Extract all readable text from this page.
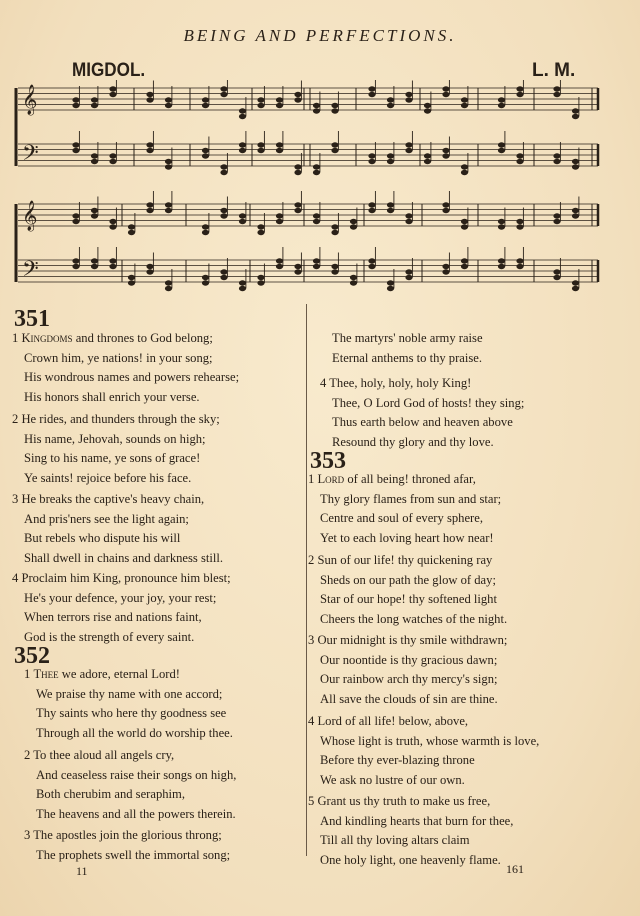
BEING AND PERFECTIONS.
MIGDOL.	L. M.
𝄞
𝄢
𝄞
𝄢
351
1 Kingdoms and thrones to God belong;
Crown him, ye nations! in your song;
His wondrous names and powers rehearse;
His honors shall enrich your verse.
2 He rides, and thunders through the sky;
His name, Jehovah, sounds on high;
Sing to his name, ye sons of grace!
Ye saints! rejoice before his face.
3 He breaks the captive's heavy chain,
And pris'ners see the light again;
But rebels who dispute his will
Shall dwell in chains and darkness still.
4 Proclaim him King, pronounce him blest;
He's your defence, your joy, your rest;
When terrors rise and nations faint,
God is the strength of every saint.
352
1 Thee we adore, eternal Lord!
We praise thy name with one accord;
Thy saints who here thy goodness see
Through all the world do worship thee.
2 To thee aloud all angels cry,
And ceaseless raise their songs on high,
Both cherubim and seraphim,
The heavens and all the powers therein.
3 The apostles join the glorious throng;
The prophets swell the immortal song;
11
The martyrs' noble army raise
Eternal anthems to thy praise.
4 Thee, holy, holy, holy King!
Thee, O Lord God of hosts! they sing;
Thus earth below and heaven above
Resound thy glory and thy love.
353
1 Lord of all being! throned afar,
Thy glory flames from sun and star;
Centre and soul of every sphere,
Yet to each loving heart how near!
2 Sun of our life! thy quickening ray
Sheds on our path the glow of day;
Star of our hope! thy softened light
Cheers the long watches of the night.
3 Our midnight is thy smile withdrawn;
Our noontide is thy gracious dawn;
Our rainbow arch thy mercy's sign;
All save the clouds of sin are thine.
4 Lord of all life! below, above,
Whose light is truth, whose warmth is love,
Before thy ever-blazing throne
We ask no lustre of our own.
5 Grant us thy truth to make us free,
And kindling hearts that burn for thee,
Till all thy loving altars claim
One holy light, one heavenly flame.
161
